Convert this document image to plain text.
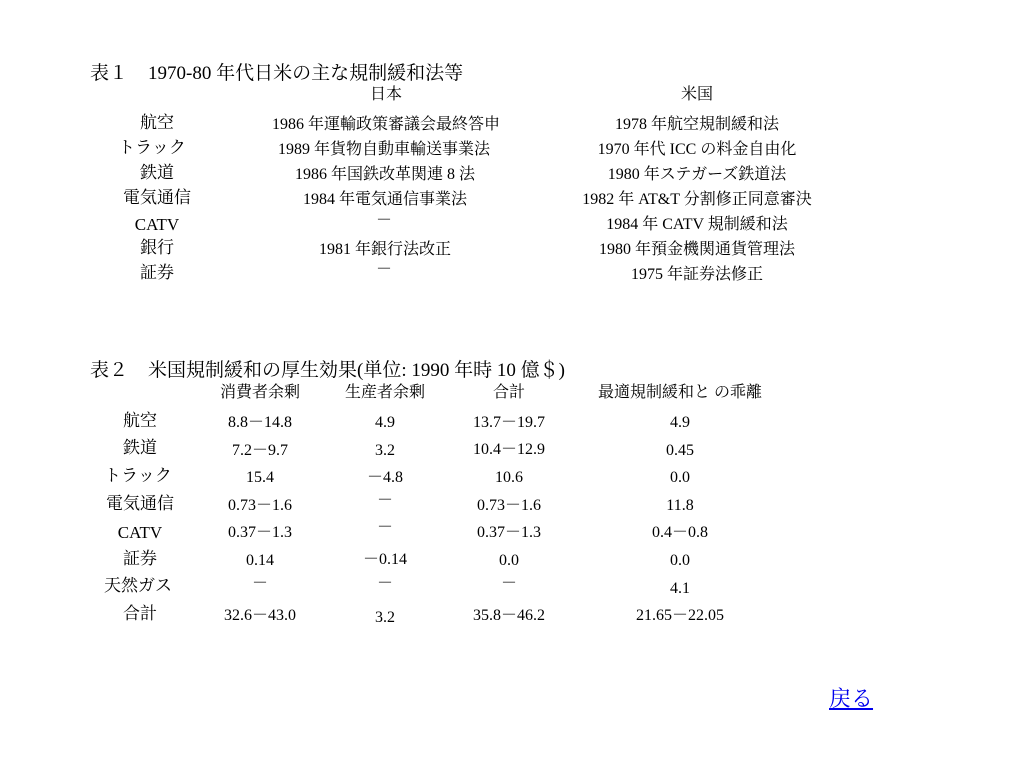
表１ 1970-80 年代日米の主な規制緩和法等
日本	米国
航空	1986 年運輸政策審議会最終答申	1978 年航空規制緩和法
トラック	1989 年貨物自動車輸送事業法	1970 年代 ICC の料金自由化
鉄道	1986 年国鉄改革関連 8 法	1980 年ステガーズ鉄道法
電気通信	1984 年電気通信事業法	1982 年 AT&T 分割修正同意審決
CATV	－	1984 年 CATV 規制緩和法
銀行	1981 年銀行法改正	1980 年預金機関通貨管理法
証券	－	1975 年証券法修正
表２ 米国規制緩和の厚生効果(単位: 1990 年時 10 億＄)
消費者余剰	生産者余剰	合計	最適規制緩和と の乖離
航空	8.8－14.8	4.9	13.7－19.7	4.9
鉄道	7.2－9.7	3.2	10.4－12.9	0.45
トラック	15.4	－4.8	10.6	0.0
電気通信	0.73－1.6	－	0.73－1.6	11.8
CATV	0.37－1.3	－	0.37－1.3	0.4－0.8
証券	0.14	－0.14	0.0	0.0
天然ガス	－	－	－	4.1
合計	32.6－43.0	3.2	35.8－46.2	21.65－22.05
戻る
